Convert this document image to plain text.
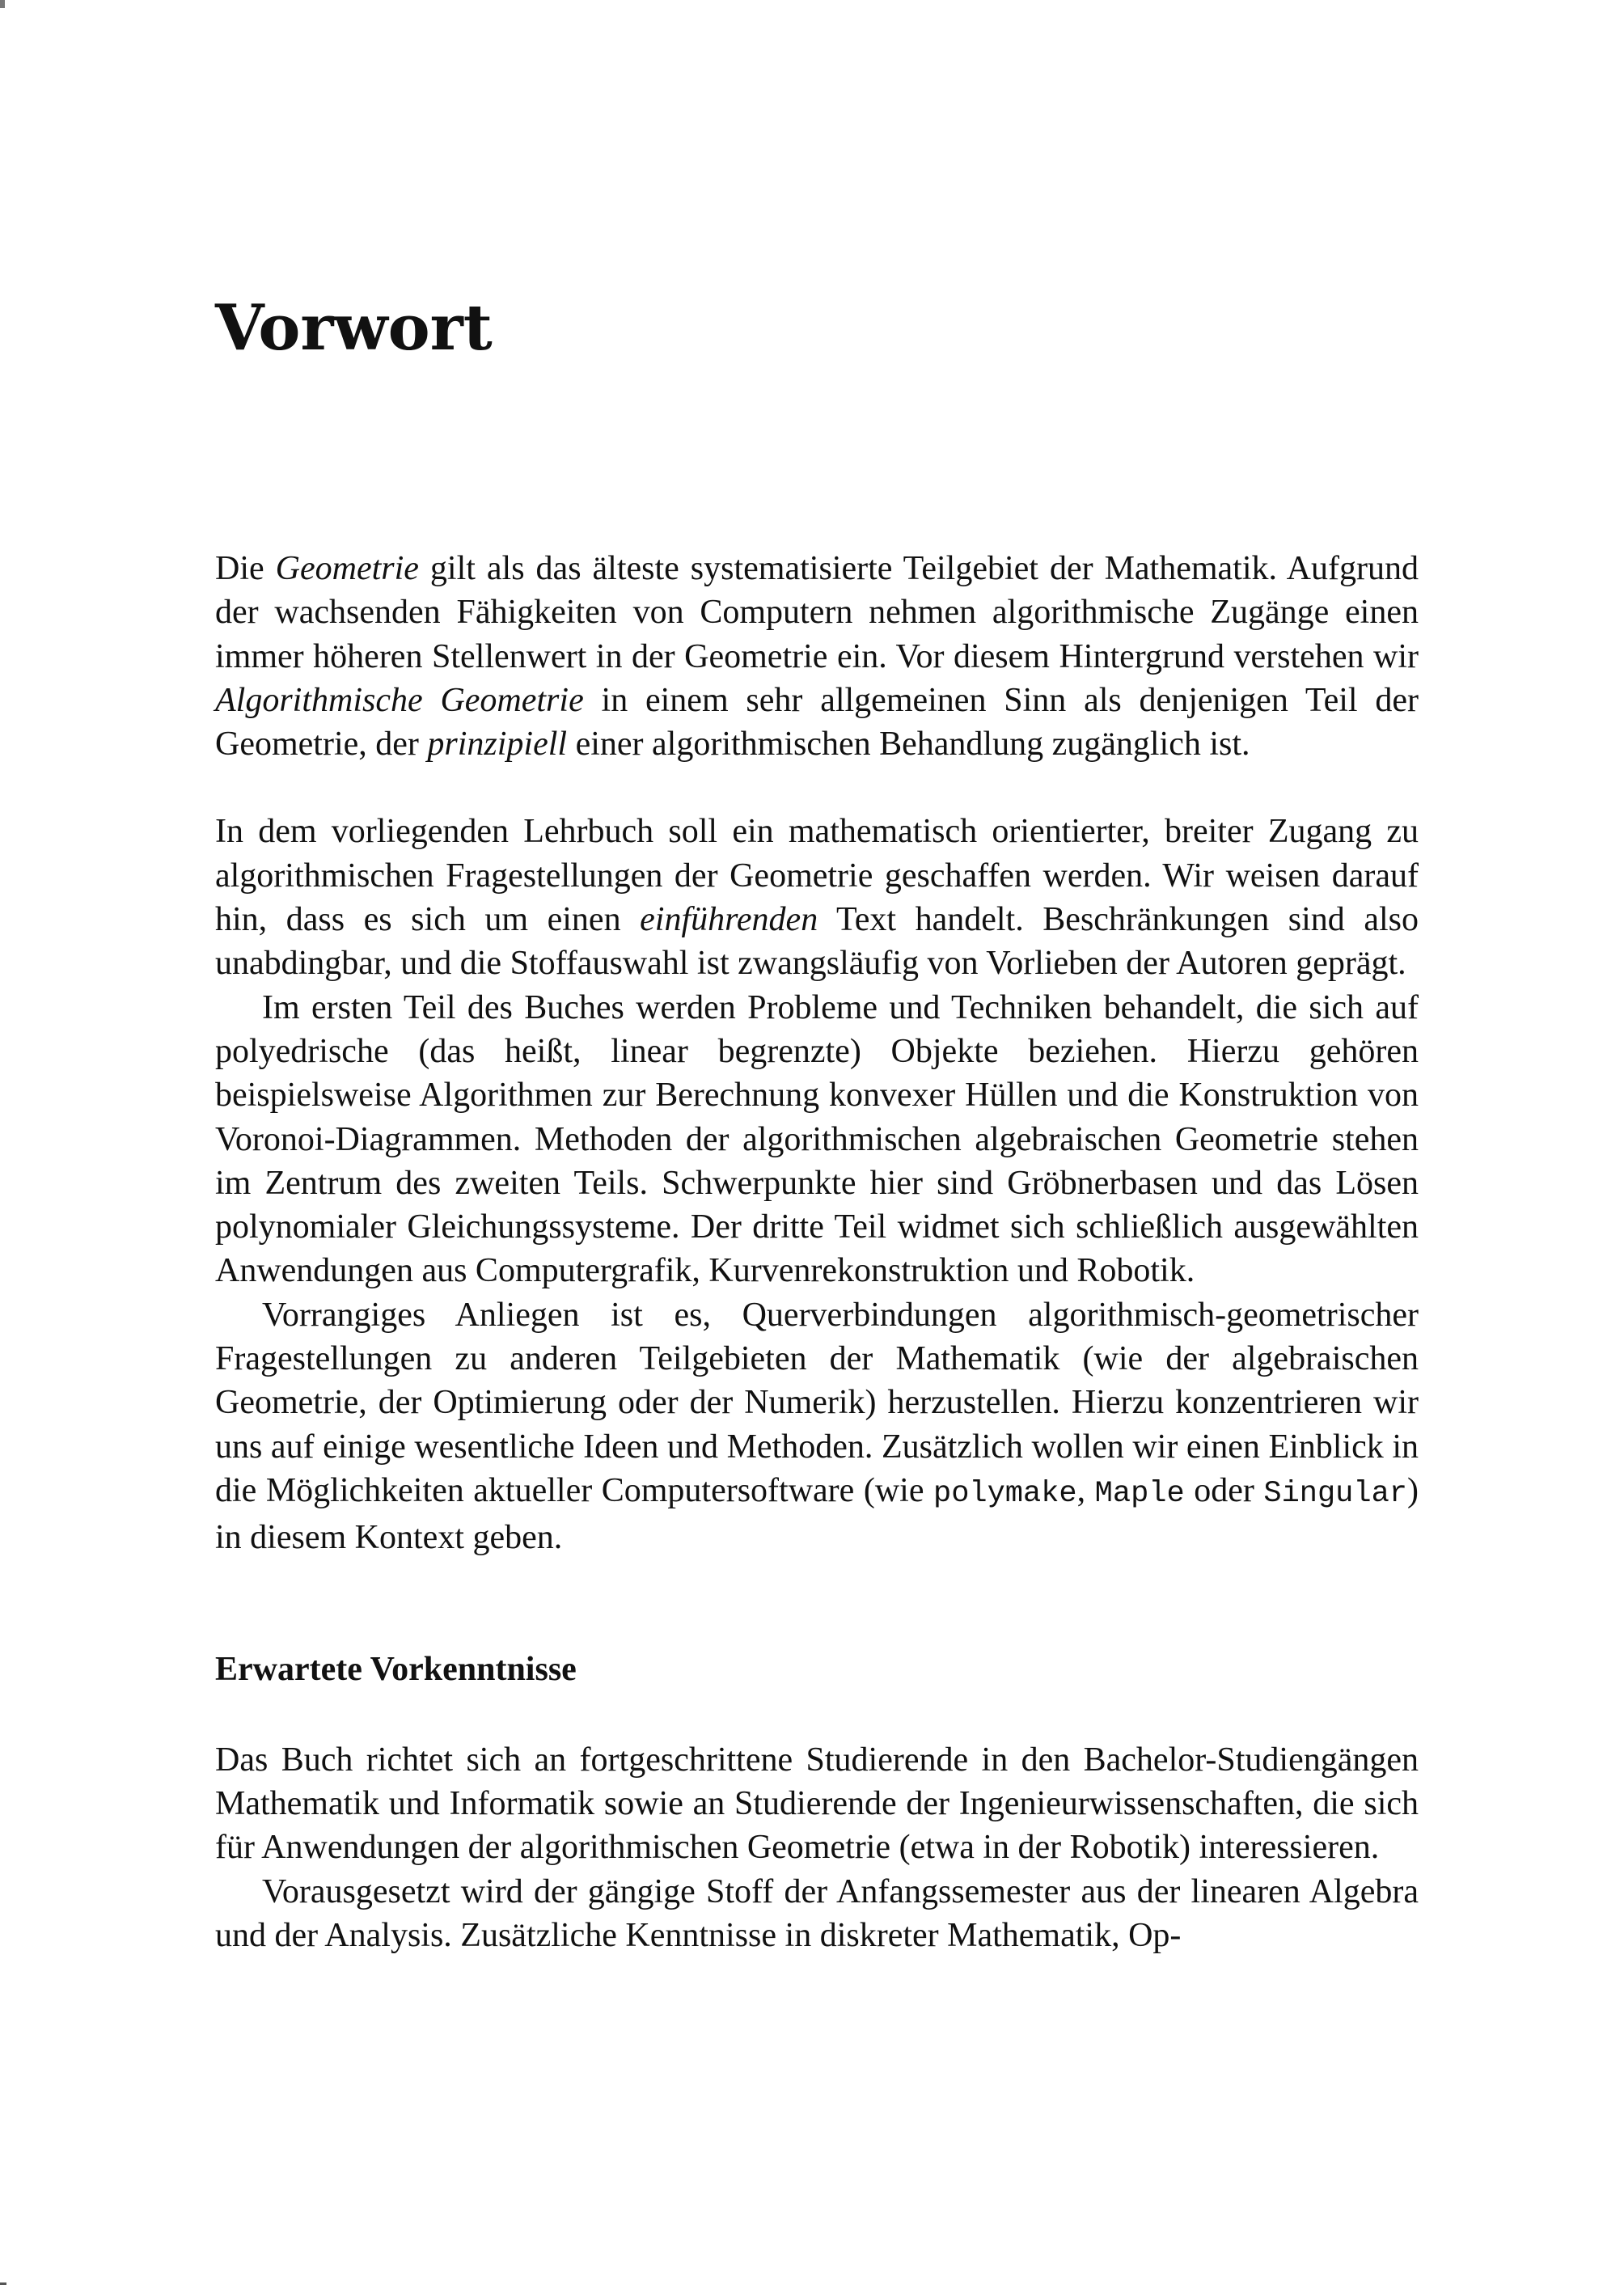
Vorwort

Die Geometrie gilt als das älteste systematisierte Teilgebiet der Mathematik. Aufgrund der wachsenden Fähigkeiten von Computern nehmen algorithmische Zugänge einen immer höheren Stellenwert in der Geometrie ein. Vor diesem Hintergrund verstehen wir Algorithmische Geometrie in einem sehr allgemeinen Sinn als denjenigen Teil der Geometrie, der prinzipiell einer algorithmischen Behandlung zugänglich ist.

In dem vorliegenden Lehrbuch soll ein mathematisch orientierter, breiter Zugang zu algorithmischen Fragestellungen der Geometrie geschaffen werden. Wir weisen darauf hin, dass es sich um einen einführenden Text handelt. Beschränkungen sind also unabdingbar, und die Stoffauswahl ist zwangsläufig von Vorlieben der Autoren geprägt.

Im ersten Teil des Buches werden Probleme und Techniken behandelt, die sich auf polyedrische (das heißt, linear begrenzte) Objekte beziehen. Hierzu gehören beispielsweise Algorithmen zur Berechnung konvexer Hüllen und die Konstruktion von Voronoi-Diagrammen. Methoden der algorithmischen algebraischen Geometrie stehen im Zentrum des zweiten Teils. Schwerpunkte hier sind Gröbnerbasen und das Lösen polynomialer Gleichungssysteme. Der dritte Teil widmet sich schließlich ausgewählten Anwendungen aus Computergrafik, Kurvenrekonstruktion und Robotik.

Vorrangiges Anliegen ist es, Querverbindungen algorithmisch-geometrischer Fragestellungen zu anderen Teilgebieten der Mathematik (wie der algebraischen Geometrie, der Optimierung oder der Numerik) herzustellen. Hierzu konzentrieren wir uns auf einige wesentliche Ideen und Methoden. Zusätzlich wollen wir einen Einblick in die Möglichkeiten aktueller Computersoftware (wie polymake, Maple oder Singular) in diesem Kontext geben.

Erwartete Vorkenntnisse

Das Buch richtet sich an fortgeschrittene Studierende in den Bachelor-Studiengängen Mathematik und Informatik sowie an Studierende der Ingenieurwissenschaften, die sich für Anwendungen der algorithmischen Geometrie (etwa in der Robotik) interessieren.

Vorausgesetzt wird der gängige Stoff der Anfangssemester aus der linearen Algebra und der Analysis. Zusätzliche Kenntnisse in diskreter Mathematik, Op-
